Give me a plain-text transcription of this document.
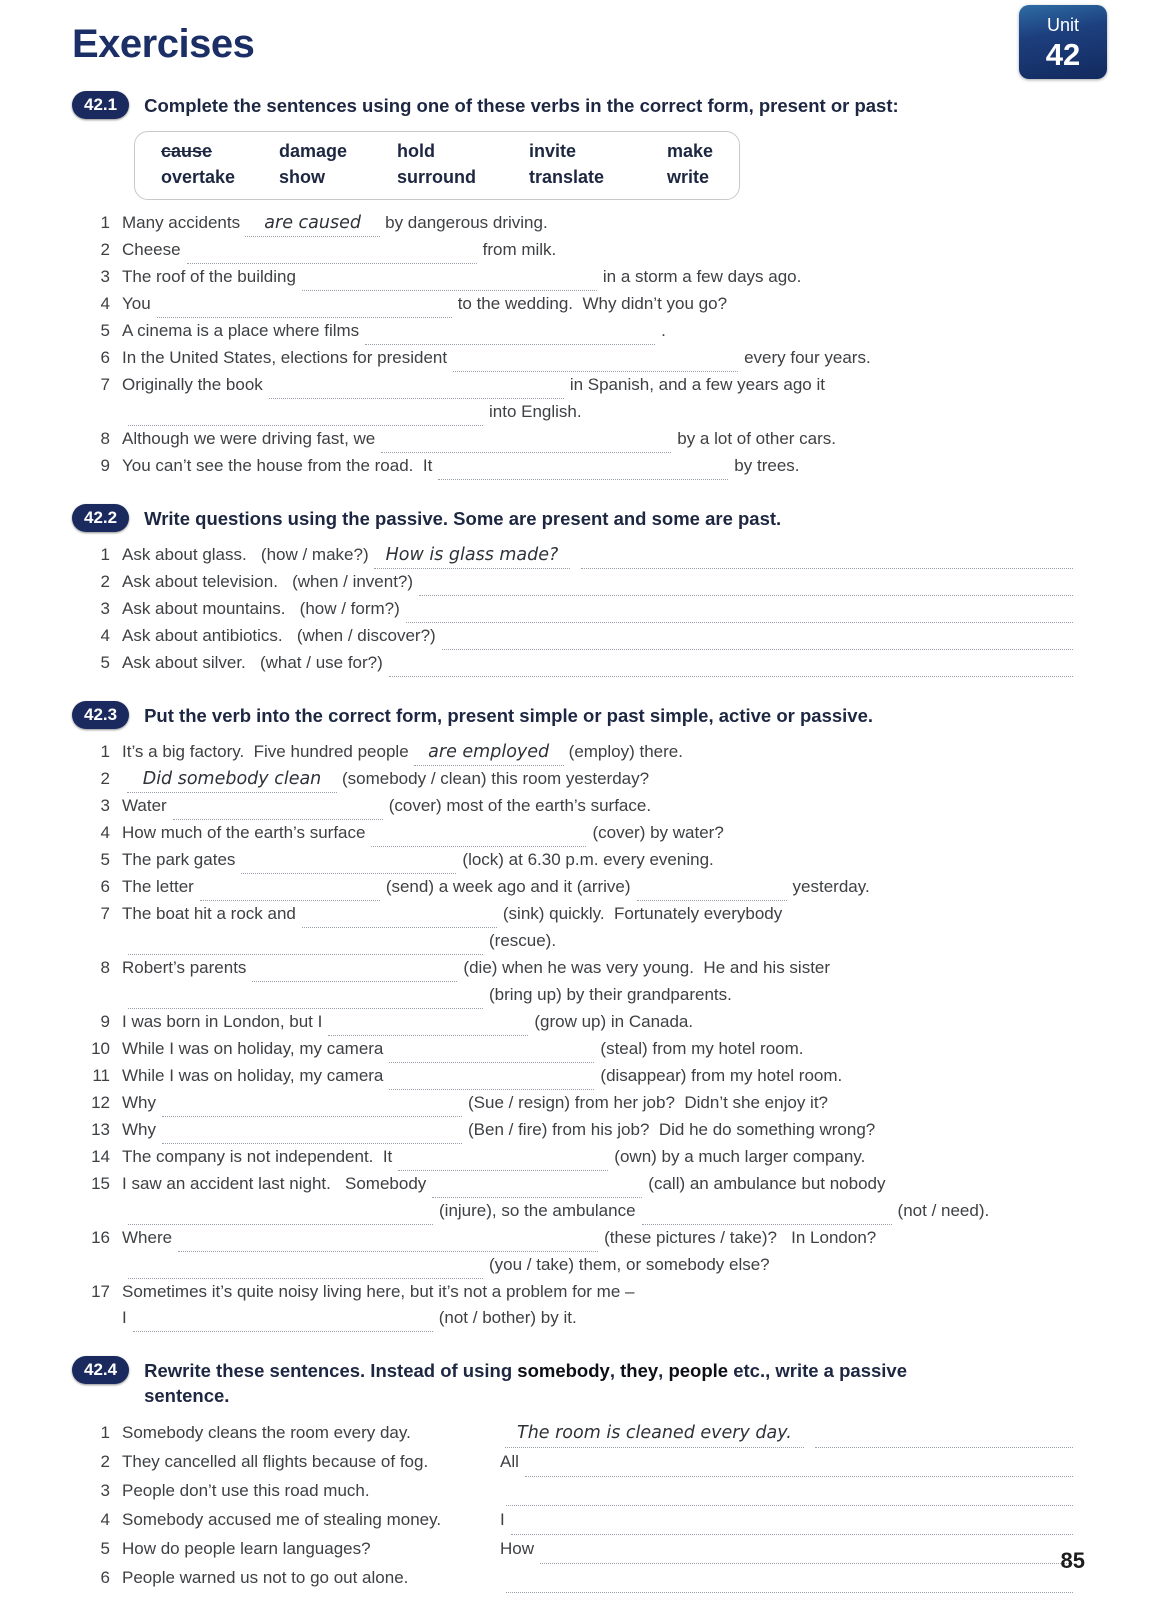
Exercises	Unit
42
42.1	Complete the sentences using one of these verbs in the correct form, present or past:
cause	damage	hold	invite	make
overtake	show	surround	translate	write
1 Many accidents	are caused	by dangerous driving.
2 Cheese
	from milk.
3 The roof of the building
	in a storm a few days ago.
4 You
	to the wedding.  Why didn’t you go?
5 A cinema is a place where films
	.
6 In the United States, elections for president
	every four years.
7 Originally the book
	in Spanish, and a few years ago it

into English.
8 Although we were driving fast, we
	by a lot of other cars.
9 You can’t see the house from the road.  It
	by trees.
42.2	Write questions using the passive. Some are present and some are past.
1 Ask about glass.   (how / make?) How is glass made?

2 Ask about television.   (when / invent?)

3 Ask about mountains.   (how / form?)

4 Ask about antibiotics.   (when / discover?)

5 Ask about silver.   (what / use for?)

42.3	Put the verb into the correct form, present simple or past simple, active or passive.
1 It’s a big factory.  Five hundred people	are employed	(employ) there.
2	Did somebody clean	(somebody / clean) this room yesterday?
3 Water
	(cover) most of the earth’s surface.
4 How much of the earth’s surface
	(cover) by water?
5 The park gates
	(lock) at 6.30 p.m. every evening.
6 The letter
	(send) a week ago and it (arrive)
	yesterday.
7 The boat hit a rock and
	(sink) quickly.  Fortunately everybody

(rescue).
8 Robert’s parents
	(die) when he was very young.  He and his sister

(bring up) by their grandparents.
9 I was born in London, but I
	(grow up) in Canada.
10 While I was on holiday, my camera
	(steal) from my hotel room.
11 While I was on holiday, my camera
	(disappear) from my hotel room.
12 Why
	(Sue / resign) from her job?  Didn’t she enjoy it?
13 Why
	(Ben / fire) from his job?  Did he do something wrong?
14 The company is not independent.  It
	(own) by a much larger company.
15 I saw an accident last night.   Somebody
	(call) an ambulance but nobody

(injure), so the ambulance
	(not / need).
16 Where
	(these pictures / take)?   In London?

(you / take) them, or somebody else?
17 Sometimes it’s quite noisy living here, but it’s not a problem for me –
I
	(not / bother) by it.
42.4	Rewrite these sentences. Instead of using somebody, they, people etc., write a passive sentence.
1 Somebody cleans the room every day.	The room is cleaned every day.

2 They cancelled all flights because of fog.	All

3 People don’t use this road much.

4 Somebody accused me of stealing money.	I

5 How do people learn languages?	How

6 People warned us not to go out alone.

85
